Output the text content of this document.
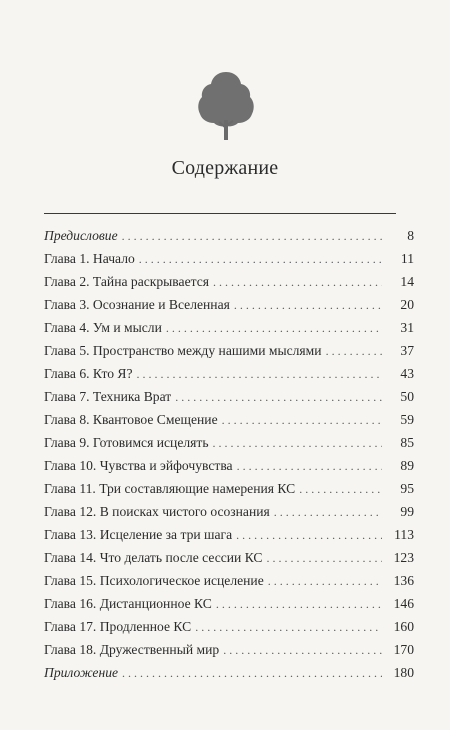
Содержание
Предисловие . . .	8
Глава 1. Начало . . .	11
Глава 2. Тайна раскрывается . . .	14
Глава 3. Осознание и Вселенная . . .	20
Глава 4. Ум и мысли . . .	31
Глава 5. Пространство между нашими мыслями . . .	37
Глава 6. Кто Я? . . .	43
Глава 7. Техника Врат . . .	50
Глава 8. Квантовое Смещение . . .	59
Глава 9. Готовимся исцелять . . .	85
Глава 10. Чувства и эйфочувства . . .	89
Глава 11. Три составляющие намерения КС . . .	95
Глава 12. В поисках чистого осознания . . .	99
Глава 13. Исцеление за три шага . . .	113
Глава 14. Что делать после сессии КС . . .	123
Глава 15. Психологическое исцеление . . .	136
Глава 16. Дистанционное КС . . .	146
Глава 17. Продленное КС . . .	160
Глава 18. Дружественный мир . . .	170
Приложение . . .	180
